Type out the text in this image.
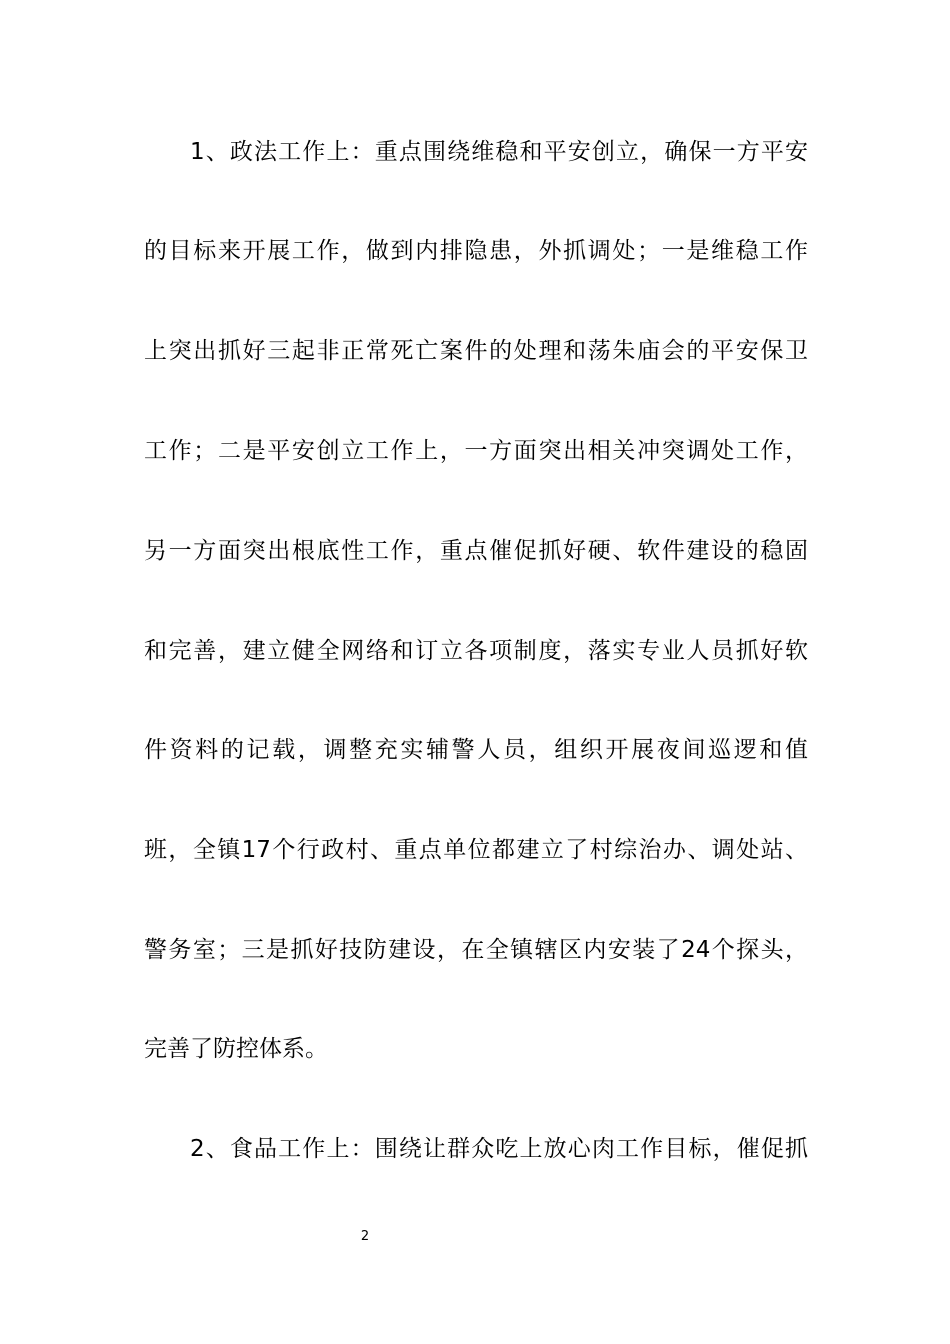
1、政法工作上：重点围绕维稳和平安创立，确保一方平安
的目标来开展工作，做到内排隐患，外抓调处；一是维稳工作
上突出抓好三起非正常死亡案件的处理和荡朱庙会的平安保卫
工作；二是平安创立工作上，一方面突出相关冲突调处工作，
另一方面突出根底性工作，重点催促抓好硬、软件建设的稳固
和完善，建立健全网络和订立各项制度，落实专业人员抓好软
件资料的记载，调整充实辅警人员，组织开展夜间巡逻和值
班，全镇17个行政村、重点单位都建立了村综治办、调处站、
警务室；三是抓好技防建设，在全镇辖区内安装了24个探头，
完善了防控体系。
2、食品工作上：围绕让群众吃上放心肉工作目标，催促抓
2
